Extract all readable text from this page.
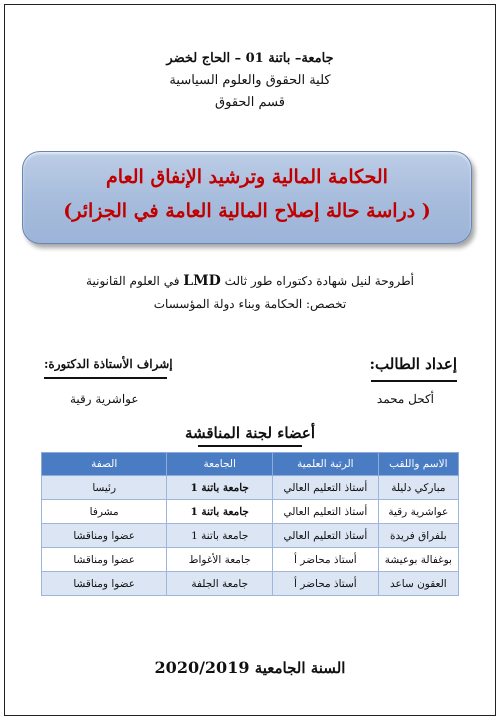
جامعة– باتنة 01 – الحاج لخضر
كلية الحقوق والعلوم السياسية
قسم الحقوق
الحكامة المالية وترشيد الإنفاق العام
( دراسة حالة إصلاح المالية العامة في الجزائر)
أطروحة لنيل شهادة دكتوراه طور ثالث LMD في العلوم القانونية
تخصص: الحكامة وبناء دولة المؤسسات
إعداد الطالب:
إشراف الأستاذة الدكتورة:
أكحل محمد
عواشرية رقية
أعضاء لجنة المناقشة
الاسم واللقب	الرتبة العلمية	الجامعة	الصفة
مباركي دليلة	أستاذ التعليم العالي	جامعة باتنة 1	رئيسا
عواشرية رقية	أستاذ التعليم العالي	جامعة باتنة 1	مشرفا
بلفراق فريدة	أستاذ التعليم العالي	جامعة باتنة 1	عضوا ومناقشا
بوغفالة بوعيشة	أستاذ محاضر أ	جامعة الأغواط	عضوا ومناقشا
العقون ساعد	أستاذ محاضر أ	جامعة الجلفة	عضوا ومناقشا
السنة الجامعية 2020/2019
